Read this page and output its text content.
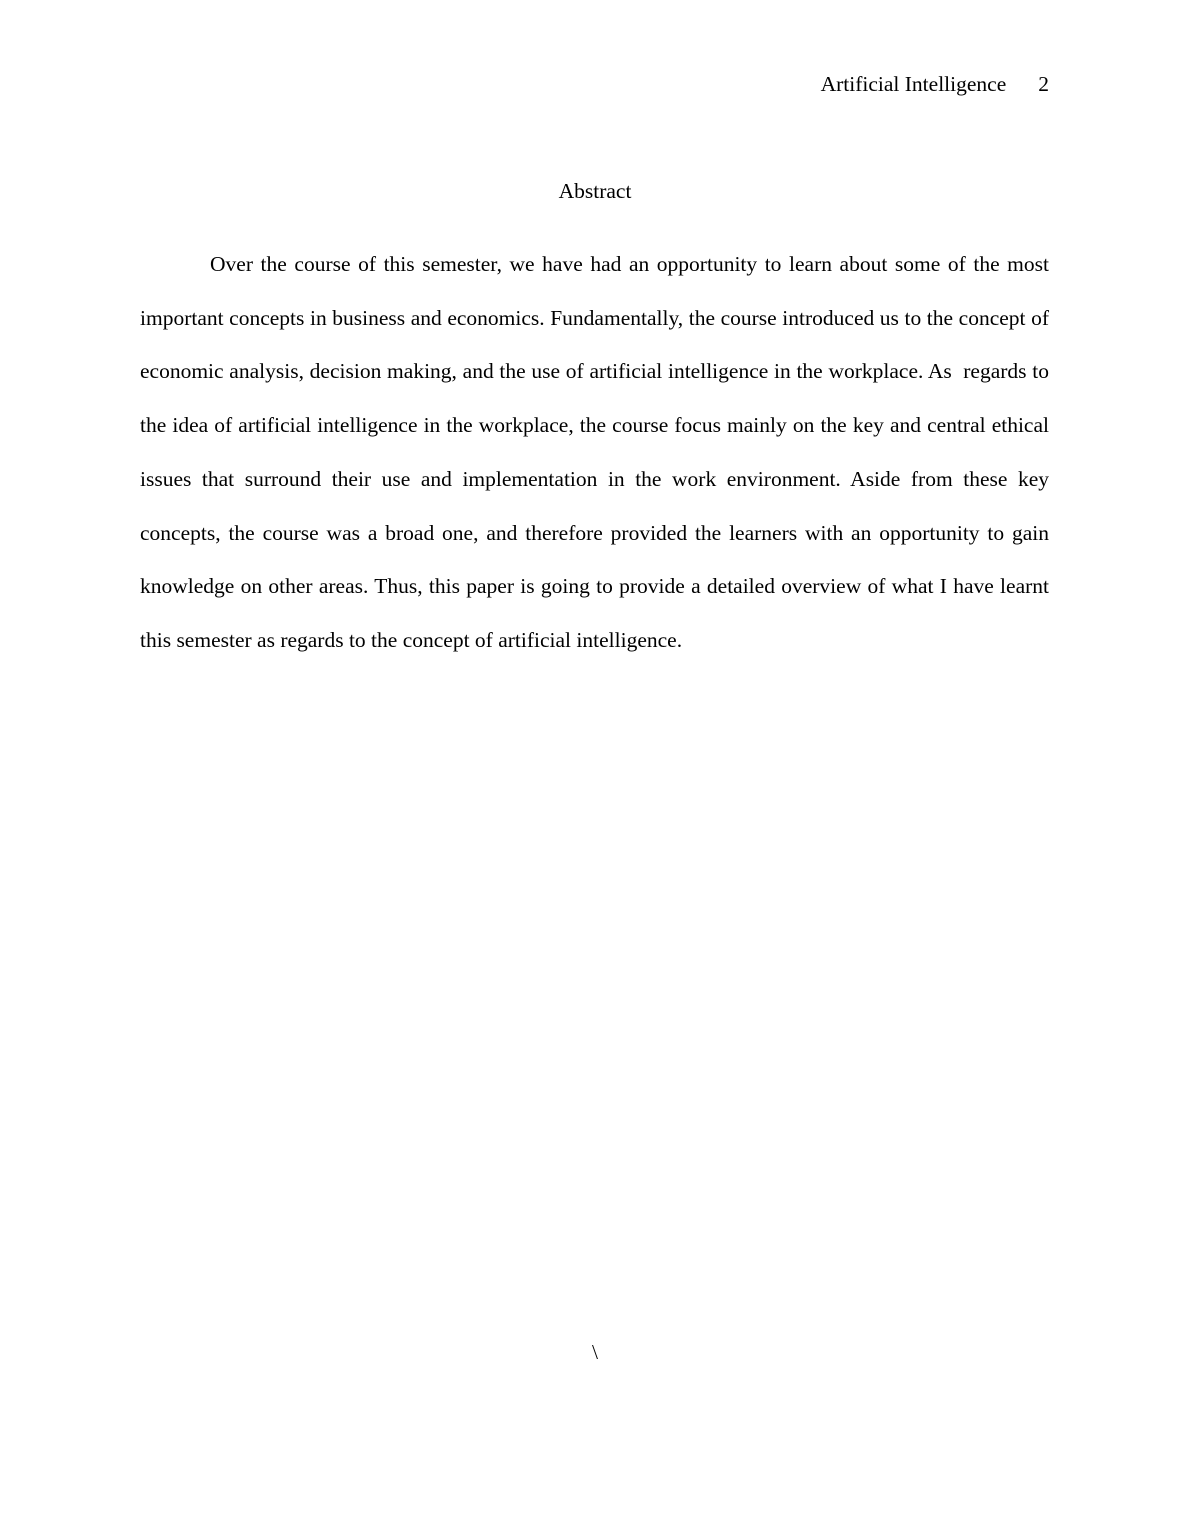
Artificial Intelligence 2
Abstract

Over the course of this semester, we have had an opportunity to learn about some of the most important concepts in business and economics. Fundamentally, the course introduced us to the concept of economic analysis, decision making, and the use of artificial intelligence in the workplace. As  regards to the idea of artificial intelligence in the workplace, the course focus mainly on the key and central ethical issues that surround their use and implementation in the work environment. Aside from these key concepts, the course was a broad one, and therefore provided the learners with an opportunity to gain knowledge on other areas. Thus, this paper is going to provide a detailed overview of what I have learnt this semester as regards to the concept of artificial intelligence.

\
